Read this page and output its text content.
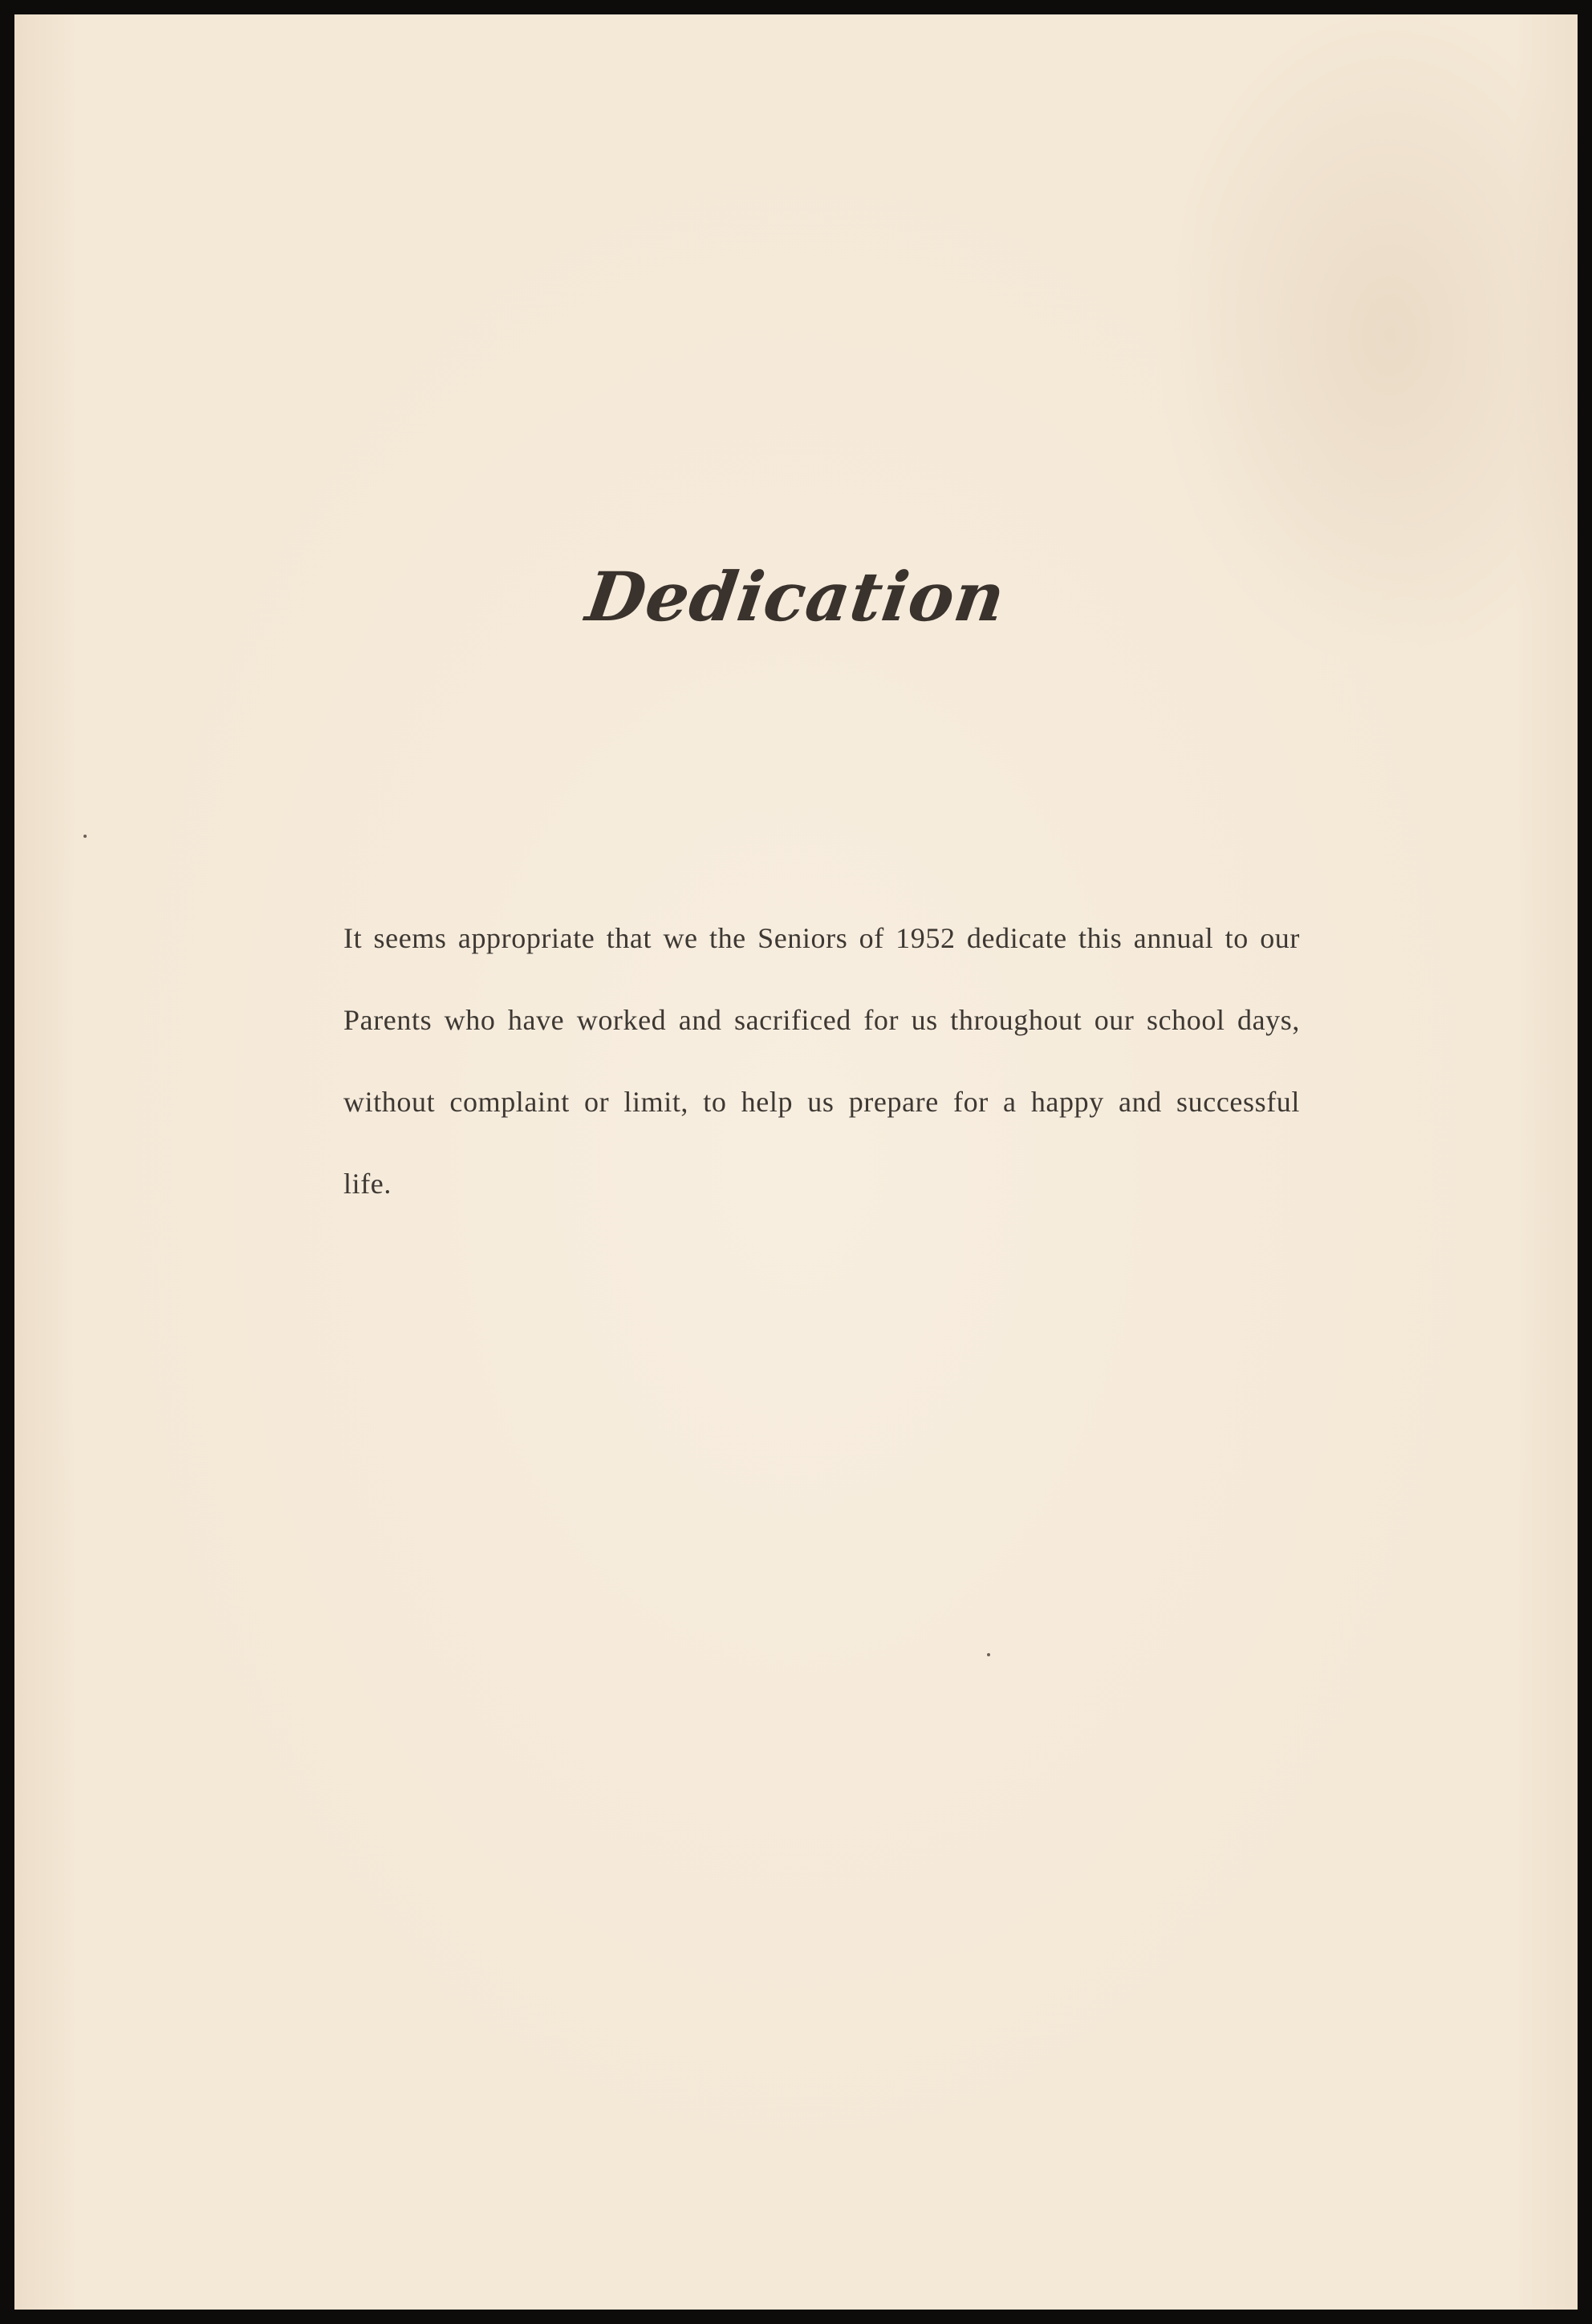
Dedication

It seems appropriate that we the Seniors of 1952 dedicate this annual to our Parents who have worked and sacrificed for us throughout our school days, without complaint or limit, to help us prepare for a happy and successful life.
